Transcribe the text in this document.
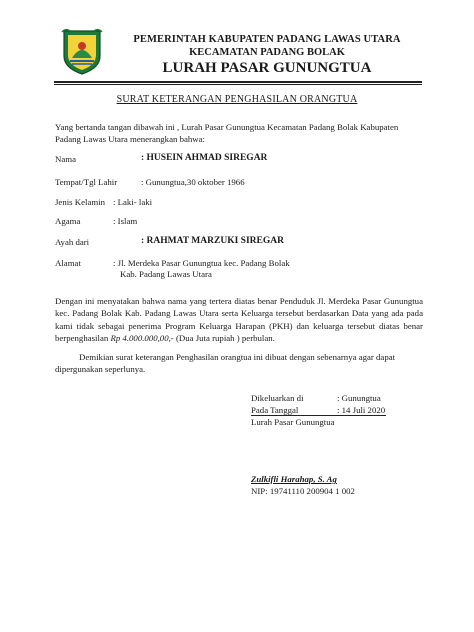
PEMERINTAH KABUPATEN PADANG LAWAS UTARA
KECAMATAN PADANG BOLAK
LURAH PASAR GUNUNGTUA
SURAT KETERANGAN PENGHASILAN ORANGTUA
Yang bertanda tangan dibawah ini , Lurah Pasar Gunungtua Kecamatan Padang Bolak Kabupaten
Padang Lawas Utara menerangkan bahwa:
Nama	: HUSEIN AHMAD SIREGAR
Tempat/Tgl Lahir	: Gunungtua,30 oktober 1966
Jenis Kelamin : Laki- laki
Agama	: Islam
Ayah dari	: RAHMAT MARZUKI SIREGAR
Alamat	: Jl. Merdeka Pasar Gunungtua kec. Padang Bolak
Kab. Padang Lawas Utara
Dengan ini menyatakan bahwa nama yang tertera diatas benar Penduduk Jl. Merdeka Pasar Gunungtua kec. Padang Bolak Kab. Padang Lawas Utara serta Keluarga tersebut berdasarkan Data yang ada pada kami tidak sebagai penerima Program Keluarga Harapan (PKH) dan keluarga tersebut diatas benar berpenghasilan Rp 4.000.000,00,- (Dua Juta rupiah ) perbulan.
Demikian surat keterangan Penghasilan orangtua ini dibuat dengan sebenarnya agar dapat
dipergunakan seperlunya.
Dikeluarkan di	: Gunungtua
Pada Tanggal	: 14 Juli 2020
Lurah Pasar Gunungtua
Zulkifli Harahap, S. Ag
NIP: 19741110 200904 1 002
